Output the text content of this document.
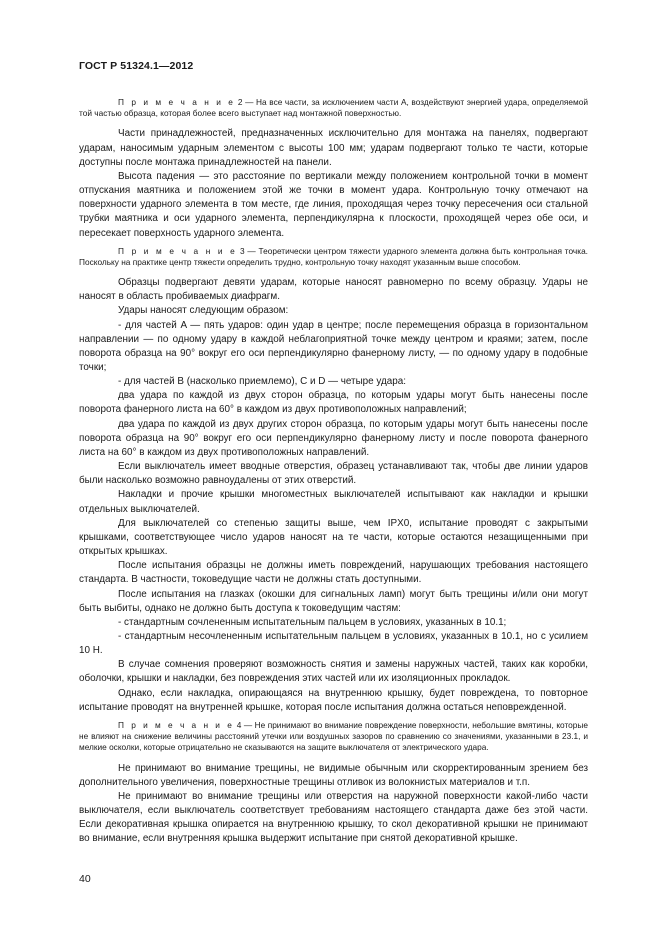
ГОСТ Р 51324.1—2012

П р и м е ч а н и е 2 — На все части, за исключением части A, воздействуют энергией удара, определяемой той частью образца, которая более всего выступает над монтажной поверхностью.

Части принадлежностей, предназначенных исключительно для монтажа на панелях, подвергают ударам, наносимым ударным элементом с высоты 100 мм; ударам подвергают только те части, которые доступны после монтажа принадлежностей на панели.

Высота падения — это расстояние по вертикали между положением контрольной точки в момент отпускания маятника и положением этой же точки в момент удара. Контрольную точку отмечают на поверхности ударного элемента в том месте, где линия, проходящая через точку пересечения оси стальной трубки маятника и оси ударного элемента, перпендикулярна к плоскости, проходящей через обе оси, и пересекает поверхность ударного элемента.

П р и м е ч а н и е 3 — Теоретически центром тяжести ударного элемента должна быть контрольная точка. Поскольку на практике центр тяжести определить трудно, контрольную точку находят указанным выше способом.

Образцы подвергают девяти ударам, которые наносят равномерно по всему образцу. Удары не наносят в область пробиваемых диафрагм.

Удары наносят следующим образом:

- для частей A — пять ударов: один удар в центре; после перемещения образца в горизонтальном направлении — по одному удару в каждой неблагоприятной точке между центром и краями; затем, после поворота образца на 90° вокруг его оси перпендикулярно фанерному листу, — по одному удару в подобные точки;

- для частей B (насколько приемлемо), C и D — четыре удара:

два удара по каждой из двух сторон образца, по которым удары могут быть нанесены после поворота фанерного листа на 60° в каждом из двух противоположных направлений;

два удара по каждой из двух других сторон образца, по которым удары могут быть нанесены после поворота образца на 90° вокруг его оси перпендикулярно фанерному листу и после поворота фанерного листа на 60° в каждом из двух противоположных направлений.

Если выключатель имеет вводные отверстия, образец устанавливают так, чтобы две линии ударов были насколько возможно равноудалены от этих отверстий.

Накладки и прочие крышки многоместных выключателей испытывают как накладки и крышки отдельных выключателей.

Для выключателей со степенью защиты выше, чем IPX0, испытание проводят с закрытыми крышками, соответствующее число ударов наносят на те части, которые остаются незащищенными при открытых крышках.

После испытания образцы не должны иметь повреждений, нарушающих требования настоящего стандарта. В частности, токоведущие части не должны стать доступными.

После испытания на глазках (окошки для сигнальных ламп) могут быть трещины и/или они могут быть выбиты, однако не должно быть доступа к токоведущим частям:

- стандартным сочлененным испытательным пальцем в условиях, указанных в 10.1;

- стандартным несочлененным испытательным пальцем в условиях, указанных в 10.1, но с усилием 10 Н.

В случае сомнения проверяют возможность снятия и замены наружных частей, таких как коробки, оболочки, крышки и накладки, без повреждения этих частей или их изоляционных прокладок.

Однако, если накладка, опирающаяся на внутреннюю крышку, будет повреждена, то повторное испытание проводят на внутренней крышке, которая после испытания должна остаться неповрежденной.

П р и м е ч а н и е 4 — Не принимают во внимание повреждение поверхности, небольшие вмятины, которые не влияют на снижение величины расстояний утечки или воздушных зазоров по сравнению со значениями, указанными в 23.1, и мелкие осколки, которые отрицательно не сказываются на защите выключателя от электрического удара.

Не принимают во внимание трещины, не видимые обычным или скорректированным зрением без дополнительного увеличения, поверхностные трещины отливок из волокнистых материалов и т.п.

Не принимают во внимание трещины или отверстия на наружной поверхности какой-либо части выключателя, если выключатель соответствует требованиям настоящего стандарта даже без этой части. Если декоративная крышка опирается на внутреннюю крышку, то скол декоративной крышки не принимают во внимание, если внутренняя крышка выдержит испытание при снятой декоративной крышке.

40
